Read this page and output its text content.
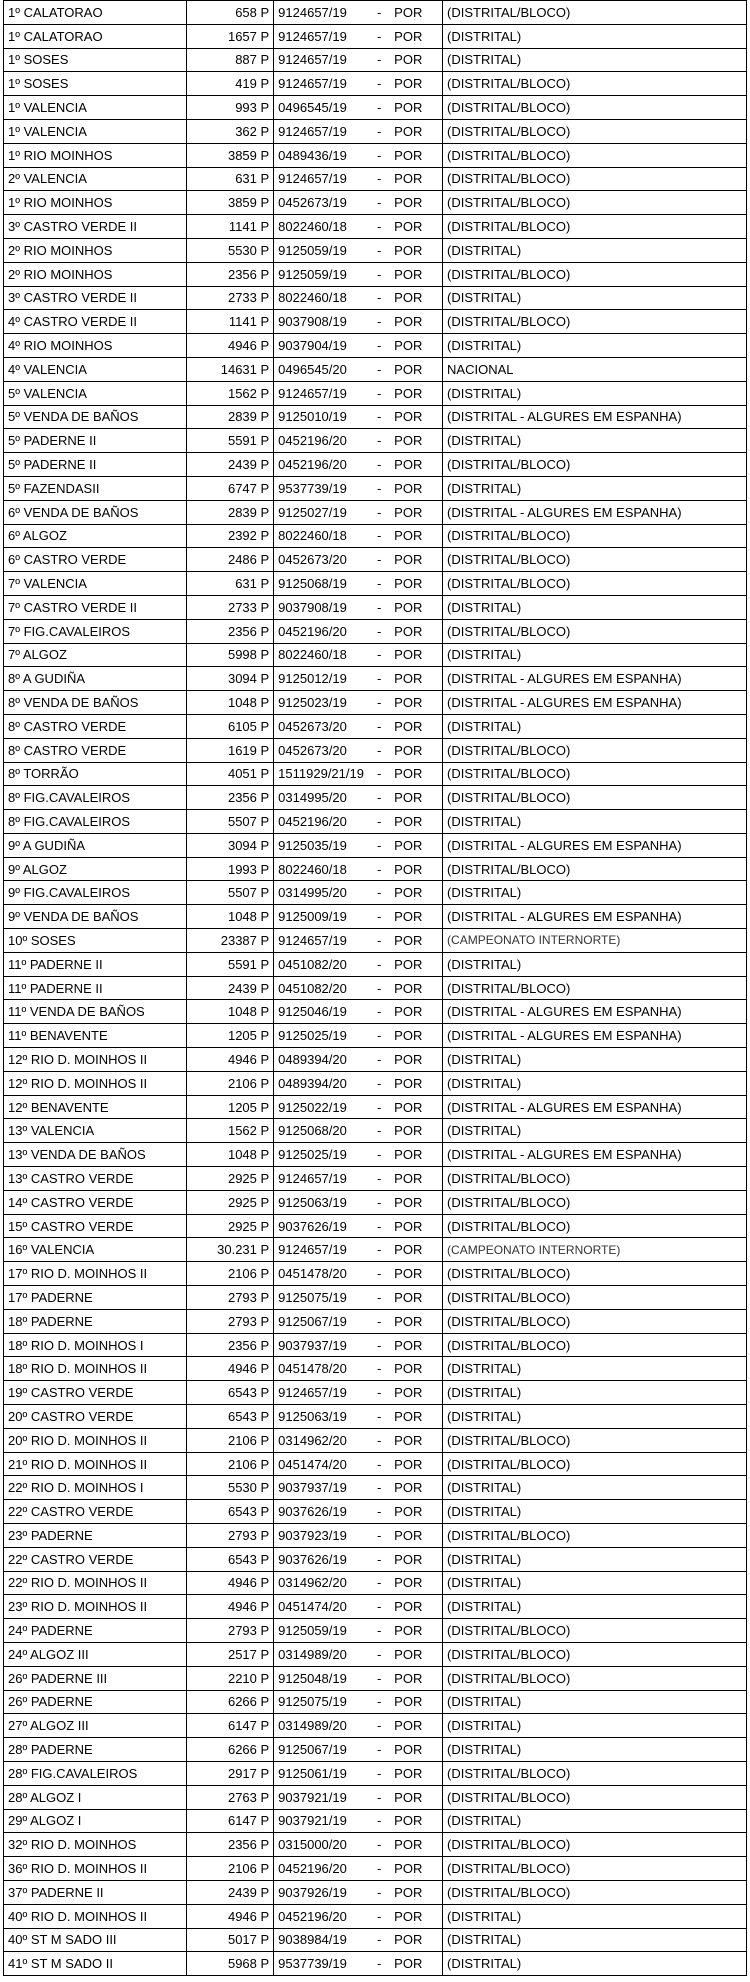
1º CALATORAO	658 P	9124657/19 - POR	(DISTRITAL/BLOCO)
1º CALATORAO	1657 P	9124657/19 - POR	(DISTRITAL)
1º SOSES	887 P	9124657/19 - POR	(DISTRITAL)
1º SOSES	419 P	9124657/19 - POR	(DISTRITAL/BLOCO)
1º VALENCIA	993 P	0496545/19 - POR	(DISTRITAL/BLOCO)
1º VALENCIA	362 P	9124657/19 - POR	(DISTRITAL/BLOCO)
1º RIO MOINHOS	3859 P	0489436/19 - POR	(DISTRITAL/BLOCO)
2º VALENCIA	631 P	9124657/19 - POR	(DISTRITAL/BLOCO)
1º RIO MOINHOS	3859 P	0452673/19 - POR	(DISTRITAL/BLOCO)
3º CASTRO VERDE II	1141 P	8022460/18 - POR	(DISTRITAL/BLOCO)
2º RIO MOINHOS	5530 P	9125059/19 - POR	(DISTRITAL)
2º RIO MOINHOS	2356 P	9125059/19 - POR	(DISTRITAL/BLOCO)
3º CASTRO VERDE II	2733 P	8022460/18 - POR	(DISTRITAL)
4º CASTRO VERDE II	1141 P	9037908/19 - POR	(DISTRITAL/BLOCO)
4º RIO MOINHOS	4946 P	9037904/19 - POR	(DISTRITAL)
4º VALENCIA	14631 P	0496545/20 - POR	NACIONAL
5º VALENCIA	1562 P	9124657/19 - POR	(DISTRITAL)
5º VENDA DE BAÑOS	2839 P	9125010/19 - POR	(DISTRITAL - ALGURES EM ESPANHA)
5º PADERNE II	5591 P	0452196/20 - POR	(DISTRITAL)
5º PADERNE II	2439 P	0452196/20 - POR	(DISTRITAL/BLOCO)
5º FAZENDASII	6747 P	9537739/19 - POR	(DISTRITAL)
6º VENDA DE BAÑOS	2839 P	9125027/19 - POR	(DISTRITAL - ALGURES EM ESPANHA)
6º ALGOZ	2392 P	8022460/18 - POR	(DISTRITAL/BLOCO)
6º CASTRO VERDE	2486 P	0452673/20 - POR	(DISTRITAL/BLOCO)
7º VALENCIA	631 P	9125068/19 - POR	(DISTRITAL/BLOCO)
7º CASTRO VERDE II	2733 P	9037908/19 - POR	(DISTRITAL)
7º FIG.CAVALEIROS	2356 P	0452196/20 - POR	(DISTRITAL/BLOCO)
7º ALGOZ	5998 P	8022460/18 - POR	(DISTRITAL)
8º A GUDIÑA	3094 P	9125012/19 - POR	(DISTRITAL - ALGURES EM ESPANHA)
8º VENDA DE BAÑOS	1048 P	9125023/19 - POR	(DISTRITAL - ALGURES EM ESPANHA)
8º CASTRO VERDE	6105 P	0452673/20 - POR	(DISTRITAL)
8º CASTRO VERDE	1619 P	0452673/20 - POR	(DISTRITAL/BLOCO)
8º TORRÃO	4051 P	1511929/21/19 - POR	(DISTRITAL/BLOCO)
8º FIG.CAVALEIROS	2356 P	0314995/20 - POR	(DISTRITAL/BLOCO)
8º FIG.CAVALEIROS	5507 P	0452196/20 - POR	(DISTRITAL)
9º A GUDIÑA	3094 P	9125035/19 - POR	(DISTRITAL - ALGURES EM ESPANHA)
9º ALGOZ	1993 P	8022460/18 - POR	(DISTRITAL/BLOCO)
9º FIG.CAVALEIROS	5507 P	0314995/20 - POR	(DISTRITAL)
9º VENDA DE BAÑOS	1048 P	9125009/19 - POR	(DISTRITAL - ALGURES EM ESPANHA)
10º SOSES	23387 P	9124657/19 - POR	(CAMPEONATO INTERNORTE)
11º PADERNE II	5591 P	0451082/20 - POR	(DISTRITAL)
11º PADERNE II	2439 P	0451082/20 - POR	(DISTRITAL/BLOCO)
11º VENDA DE BAÑOS	1048 P	9125046/19 - POR	(DISTRITAL - ALGURES EM ESPANHA)
11º BENAVENTE	1205 P	9125025/19 - POR	(DISTRITAL - ALGURES EM ESPANHA)
12º RIO D. MOINHOS II	4946 P	0489394/20 - POR	(DISTRITAL)
12º RIO D. MOINHOS II	2106 P	0489394/20 - POR	(DISTRITAL)
12º BENAVENTE	1205 P	9125022/19 - POR	(DISTRITAL - ALGURES EM ESPANHA)
13º VALENCIA	1562 P	9125068/20 - POR	(DISTRITAL)
13º VENDA DE BAÑOS	1048 P	9125025/19 - POR	(DISTRITAL - ALGURES EM ESPANHA)
13º CASTRO VERDE	2925 P	9124657/19 - POR	(DISTRITAL/BLOCO)
14º CASTRO VERDE	2925 P	9125063/19 - POR	(DISTRITAL/BLOCO)
15º CASTRO VERDE	2925 P	9037626/19 - POR	(DISTRITAL/BLOCO)
16º VALENCIA	30.231 P	9124657/19 - POR	(CAMPEONATO INTERNORTE)
17º RIO D. MOINHOS II	2106 P	0451478/20 - POR	(DISTRITAL/BLOCO)
17º PADERNE	2793 P	9125075/19 - POR	(DISTRITAL/BLOCO)
18º PADERNE	2793 P	9125067/19 - POR	(DISTRITAL/BLOCO)
18º RIO D. MOINHOS I	2356 P	9037937/19 - POR	(DISTRITAL/BLOCO)
18º RIO D. MOINHOS II	4946 P	0451478/20 - POR	(DISTRITAL)
19º CASTRO VERDE	6543 P	9124657/19 - POR	(DISTRITAL)
20º CASTRO VERDE	6543 P	9125063/19 - POR	(DISTRITAL)
20º RIO D. MOINHOS II	2106 P	0314962/20 - POR	(DISTRITAL/BLOCO)
21º RIO D. MOINHOS II	2106 P	0451474/20 - POR	(DISTRITAL/BLOCO)
22º RIO D. MOINHOS I	5530 P	9037937/19 - POR	(DISTRITAL)
22º CASTRO VERDE	6543 P	9037626/19 - POR	(DISTRITAL)
23º PADERNE	2793 P	9037923/19 - POR	(DISTRITAL/BLOCO)
22º CASTRO VERDE	6543 P	9037626/19 - POR	(DISTRITAL)
22º RIO D. MOINHOS II	4946 P	0314962/20 - POR	(DISTRITAL)
23º RIO D. MOINHOS II	4946 P	0451474/20 - POR	(DISTRITAL)
24º PADERNE	2793 P	9125059/19 - POR	(DISTRITAL/BLOCO)
24º ALGOZ III	2517 P	0314989/20 - POR	(DISTRITAL/BLOCO)
26º PADERNE III	2210 P	9125048/19 - POR	(DISTRITAL/BLOCO)
26º PADERNE	6266 P	9125075/19 - POR	(DISTRITAL)
27º ALGOZ III	6147 P	0314989/20 - POR	(DISTRITAL)
28º PADERNE	6266 P	9125067/19 - POR	(DISTRITAL)
28º FIG.CAVALEIROS	2917 P	9125061/19 - POR	(DISTRITAL/BLOCO)
28º ALGOZ I	2763 P	9037921/19 - POR	(DISTRITAL/BLOCO)
29º ALGOZ I	6147 P	9037921/19 - POR	(DISTRITAL)
32º RIO D. MOINHOS	2356 P	0315000/20 - POR	(DISTRITAL/BLOCO)
36º RIO D. MOINHOS II	2106 P	0452196/20 - POR	(DISTRITAL/BLOCO)
37º PADERNE II	2439 P	9037926/19 - POR	(DISTRITAL/BLOCO)
40º RIO D. MOINHOS II	4946 P	0452196/20 - POR	(DISTRITAL)
40º ST M SADO III	5017 P	9038984/19 - POR	(DISTRITAL)
41º ST M SADO II	5968 P	9537739/19 - POR	(DISTRITAL)
